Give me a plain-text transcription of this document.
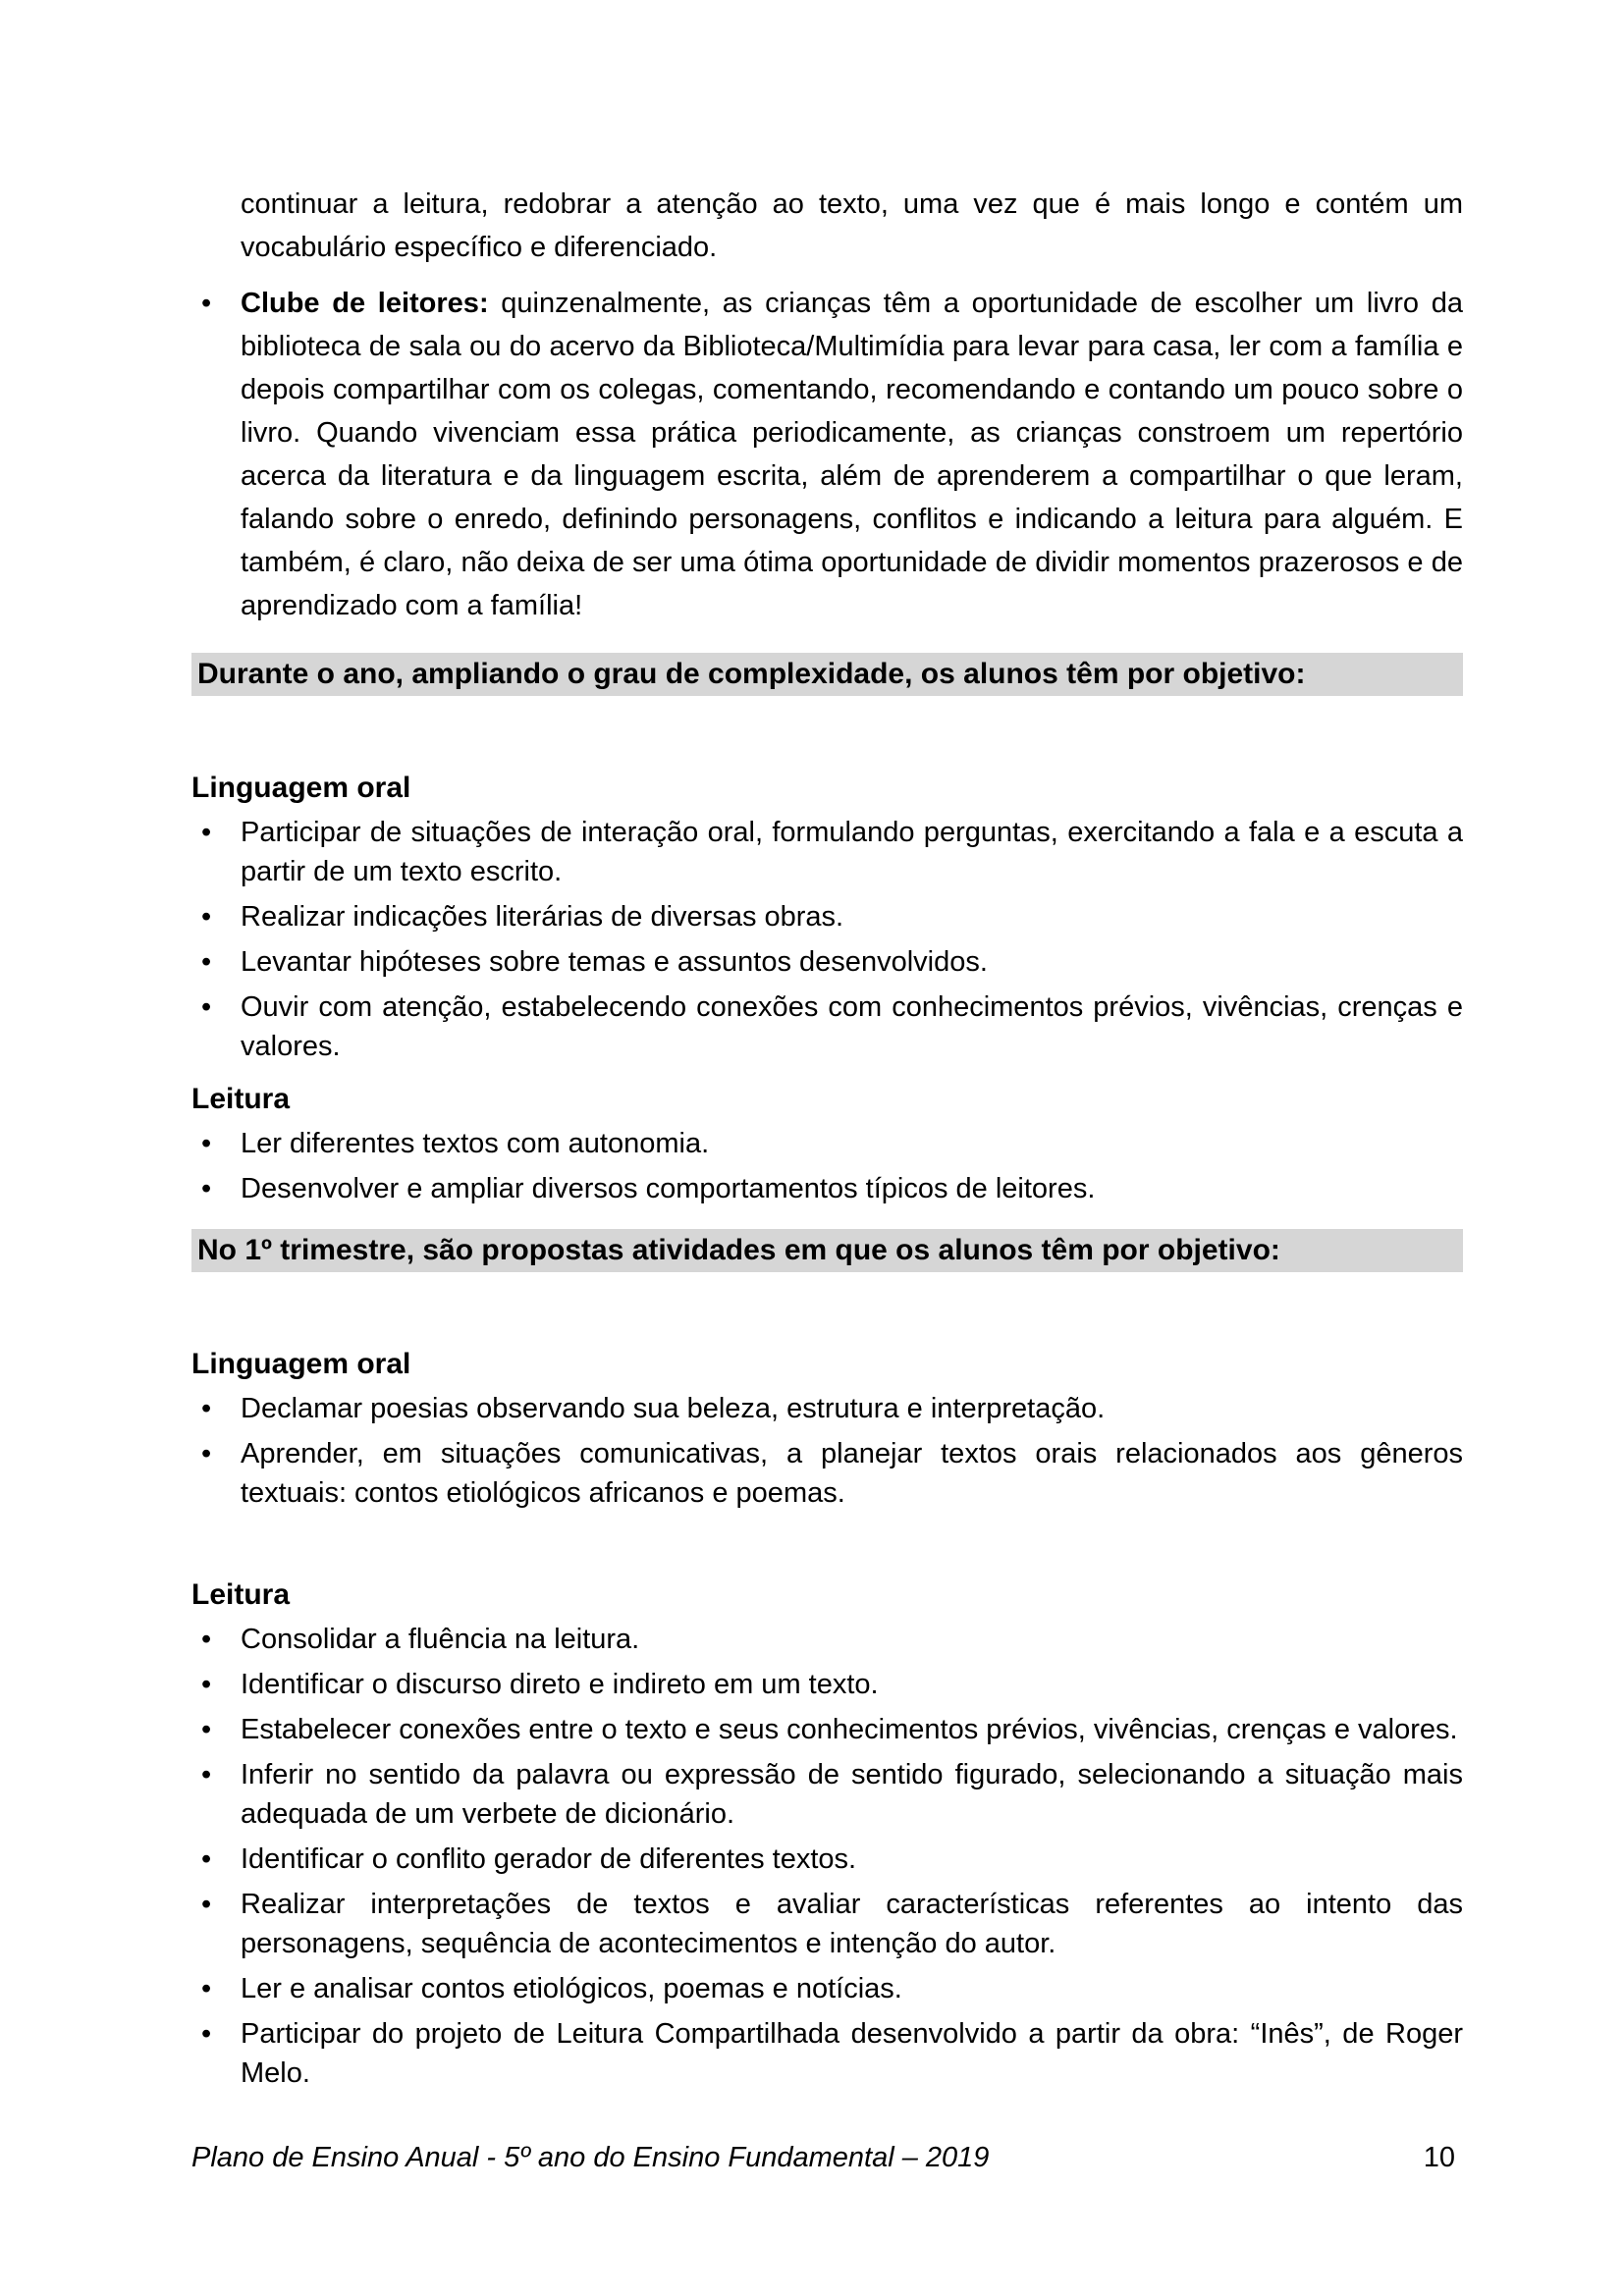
continuar a leitura, redobrar a atenção ao texto, uma vez que é mais longo e contém um vocabulário específico e diferenciado.

•

Clube de leitores: quinzenalmente, as crianças têm a oportunidade de escolher um livro da biblioteca de sala ou do acervo da Biblioteca/Multimídia para levar para casa, ler com a família e depois compartilhar com os colegas, comentando, recomendando e contando um pouco sobre o livro. Quando vivenciam essa prática periodicamente, as crianças constroem um repertório acerca da literatura e da linguagem escrita, além de aprenderem a compartilhar o que leram, falando sobre o enredo, definindo personagens, conflitos e indicando a leitura para alguém. E também, é claro, não deixa de ser uma ótima oportunidade de dividir momentos prazerosos e de aprendizado com a família!

Durante o ano, ampliando o grau de complexidade, os alunos têm por objetivo:
Linguagem oral
•

Participar de situações de interação oral, formulando perguntas, exercitando a fala e a escuta a partir de um texto escrito.

•

Realizar indicações literárias de diversas obras.

•

Levantar hipóteses sobre temas e assuntos desenvolvidos.

•

Ouvir com atenção, estabelecendo conexões com conhecimentos prévios, vivências, crenças e valores.

Leitura
•

Ler diferentes textos com autonomia.

•

Desenvolver e ampliar diversos comportamentos típicos de leitores.

No 1º trimestre, são propostas atividades em que os alunos têm por objetivo:
Linguagem oral
•

Declamar poesias observando sua beleza, estrutura e interpretação.

•

Aprender, em situações comunicativas, a planejar textos orais relacionados aos gêneros textuais: contos etiológicos africanos e poemas.

Leitura
•

Consolidar a fluência na leitura.

•

Identificar o discurso direto e indireto em um texto.

•

Estabelecer conexões entre o texto e seus conhecimentos prévios, vivências, crenças e valores.

•

Inferir no sentido da palavra ou expressão de sentido figurado, selecionando a situação mais adequada de um verbete de dicionário.

•

Identificar o conflito gerador de diferentes textos.

•

Realizar interpretações de textos e avaliar características referentes ao intento das personagens, sequência de acontecimentos e intenção do autor.

•

Ler e analisar contos etiológicos, poemas e notícias.

•

Participar do projeto de Leitura Compartilhada desenvolvido a partir da obra: “Inês”, de Roger Melo.

Plano de Ensino Anual - 5º ano do Ensino Fundamental – 2019	10
